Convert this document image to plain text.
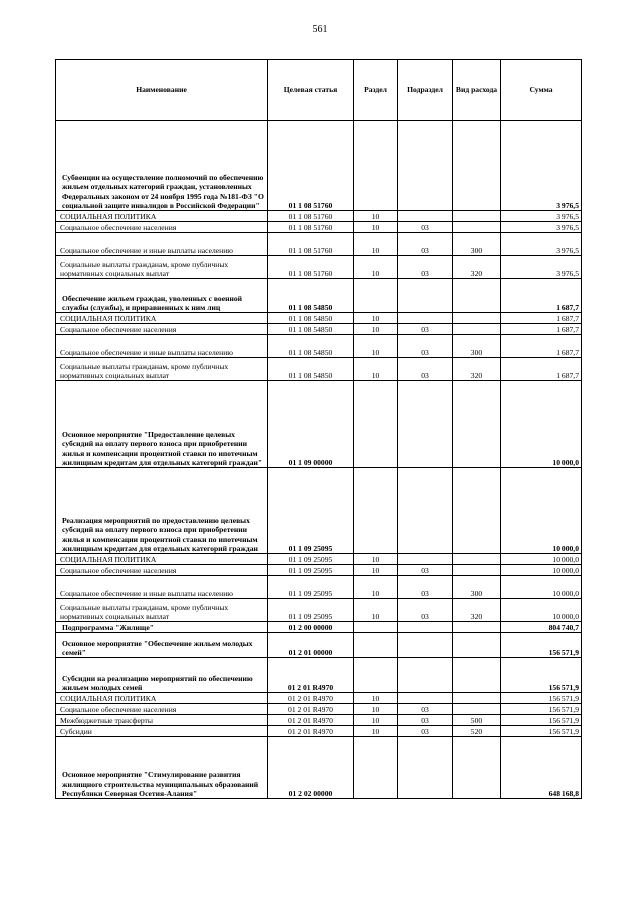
561
Наименование	Целевая статья	Раздел	Подраздел	Вид расхода	Сумма
Субвенции на осуществление полномочий по обеспечению жильем отдельных категорий граждан, установленных Федеральных законом от 24 ноября 1995 года №181-ФЗ "О социальной защите инвалидов в Российской Федерации"	01 1 08 51760				3 976,5
СОЦИАЛЬНАЯ ПОЛИТИКА	01 1 08 51760	10			3 976,5
Социальное обеспечение населения	01 1 08 51760	10	03		3 976,5
Социальное обеспечение и иные выплаты населению	01 1 08 51760	10	03	300	3 976,5
Социальные выплаты гражданам, кроме публичных нормативных социальных выплат	01 1 08 51760	10	03	320	3 976,5
Обеспечение жильем граждан, уволенных с военной службы (службы), и приравненных к ним лиц	01 1 08 54850				1 687,7
СОЦИАЛЬНАЯ ПОЛИТИКА	01 1 08 54850	10			1 687,7
Социальное обеспечение населения	01 1 08 54850	10	03		1 687,7
Социальное обеспечение и иные выплаты населению	01 1 08 54850	10	03	300	1 687,7
Социальные выплаты гражданам, кроме публичных нормативных социальных выплат	01 1 08 54850	10	03	320	1 687,7
Основное мероприятие "Предоставление целевых субсидий на оплату первого взноса при приобретении жилья и компенсации процентной ставки по ипотечным жилищным кредитам для отдельных категорий граждан"	01 1 09 00000				10 000,0
Реализация мероприятий по предоставлению целевых субсидий на оплату первого взноса при приобретении жилья и компенсации процентной ставки по ипотечным жилищным кредитам для отдельных категорий граждан	01 1 09 25095				10 000,0
СОЦИАЛЬНАЯ ПОЛИТИКА	01 1 09 25095	10			10 000,0
Социальное обеспечение населения	01 1 09 25095	10	03		10 000,0
Социальное обеспечение и иные выплаты населению	01 1 09 25095	10	03	300	10 000,0
Социальные выплаты гражданам, кроме публичных нормативных социальных выплат	01 1 09 25095	10	03	320	10 000,0
Подпрограмма "Жилище"	01 2 00 00000				804 740,7
Основное мероприятие "Обеспечение жильем молодых семей"	01 2 01 00000				156 571,9
Субсидии на реализацию мероприятий по обеспечению жильем молодых семей	01 2 01 R4970				156 571,9
СОЦИАЛЬНАЯ ПОЛИТИКА	01 2 01 R4970	10			156 571,9
Социальное обеспечение населения	01 2 01 R4970	10	03		156 571,9
Межбюджетные трансферты	01 2 01 R4970	10	03	500	156 571,9
Субсидии	01 2 01 R4970	10	03	520	156 571,9
Основное мероприятие "Стимулирование развития жилищного строительства муниципальных образований Республики Северная Осетия-Алания"	01 2 02 00000				648 168,8
